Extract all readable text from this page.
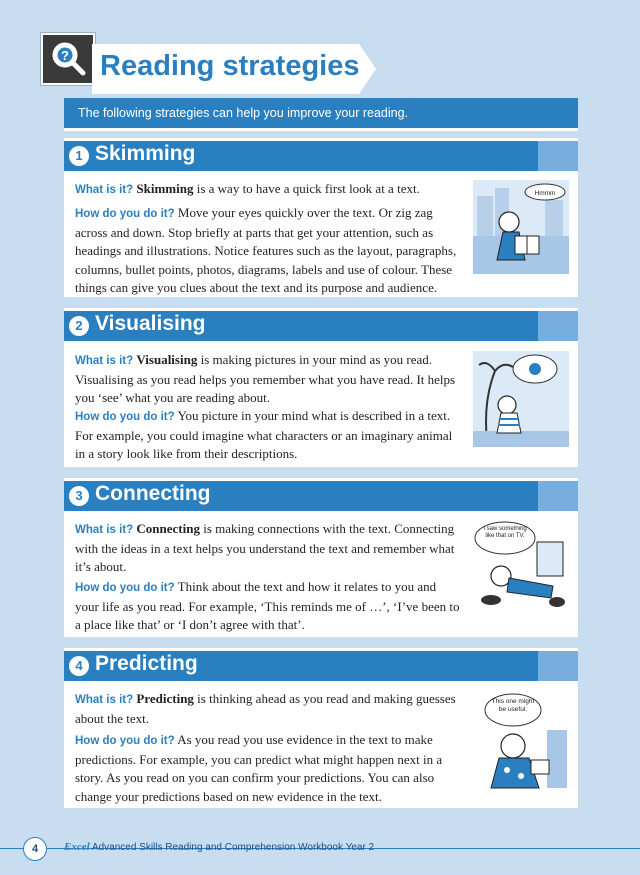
? Reading strategies
The following strategies can help you improve your reading.
1 Skimming
What is it? Skimming is a way to have a quick first look at a text.
How do you do it? Move your eyes quickly over the text. Or zig zag across and down. Stop briefly at parts that get your attention, such as headings and illustrations. Notice features such as the layout, paragraphs, columns, bullet points, photos, diagrams, labels and use of colour. These things can give you clues about the text and its purpose and audience.
Hmmm
2 Visualising
What is it? Visualising is making pictures in your mind as you read. Visualising as you read helps you remember what you have read. It helps you ‘see’ what you are reading about.
How do you do it? You picture in your mind what is described in a text. For example, you could imagine what characters or an imaginary animal in a story look like from their descriptions.
3 Connecting
What is it? Connecting is making connections with the text. Connecting with the ideas in a text helps you understand the text and remember what it’s about.
How do you do it? Think about the text and how it relates to you and your life as you read. For example, ‘This reminds me of …’, ‘I’ve been to a place like that’ or ‘I don’t agree with that’.
I saw something like that on TV.
4 Predicting
What is it? Predicting is thinking ahead as you read and making guesses about the text.
How do you do it? As you read you use evidence in the text to make predictions. For example, you can predict what might happen next in a story. As you read on you can confirm your predictions. You can also change your predictions based on new evidence in the text.
This one might be useful.
4	Excel Advanced Skills Reading and Comprehension Workbook Year 2
